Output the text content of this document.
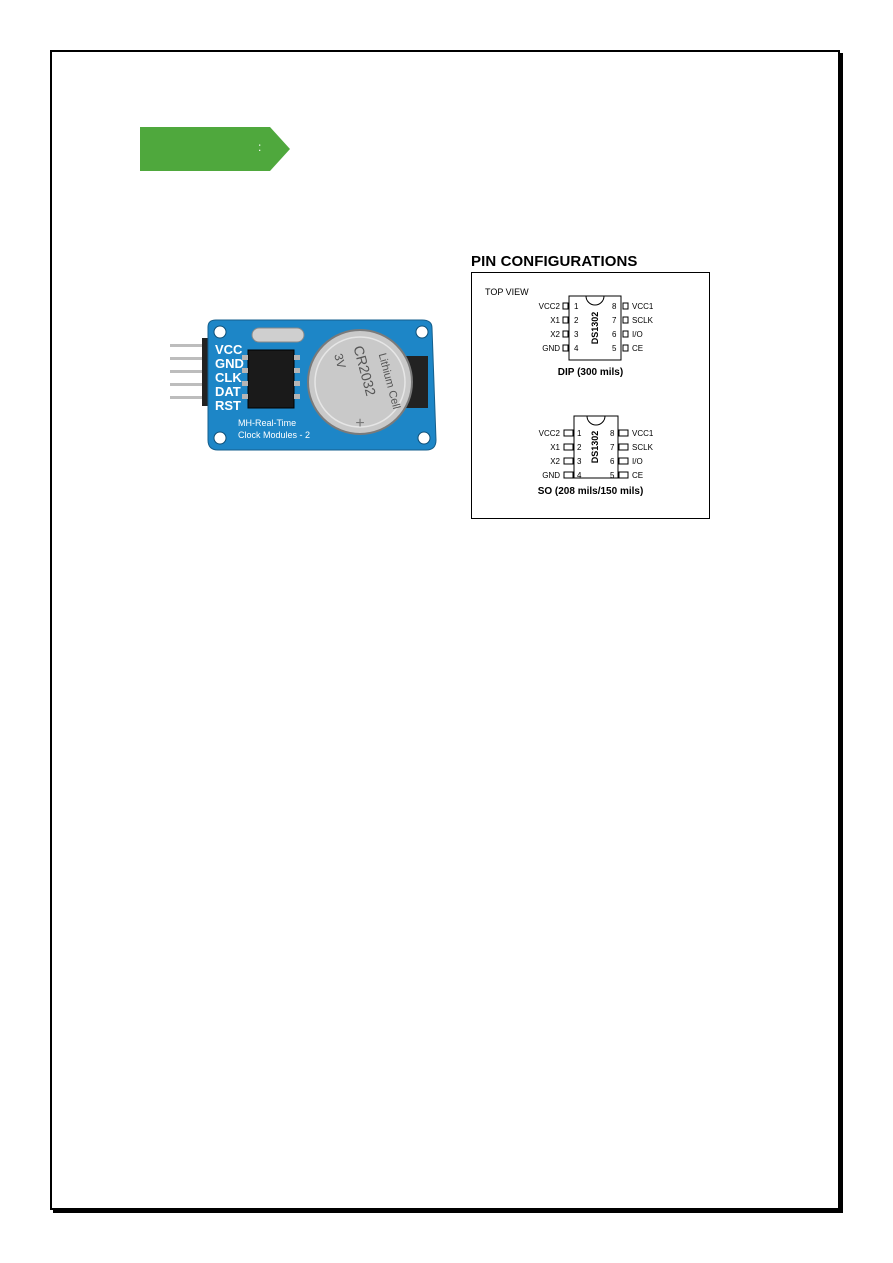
:
CR2032
3V Lithium Cell
+
VCC
GND
CLK
DAT
RST
MH-Real-Time
Clock Modules - 2
PIN CONFIGURATIONS
TOP VIEW
DS1302
VCC2
X1
X2
GND
1
2
3
4
8
7
6
5
VCC1
SCLK
I/O
CE
DS1302
VCC2
X1
X2
GND
1
2
3
4
8
7
6
5
VCC1
SCLK
I/O
CE
DIP (300 mils)
SO (208 mils/150 mils)
